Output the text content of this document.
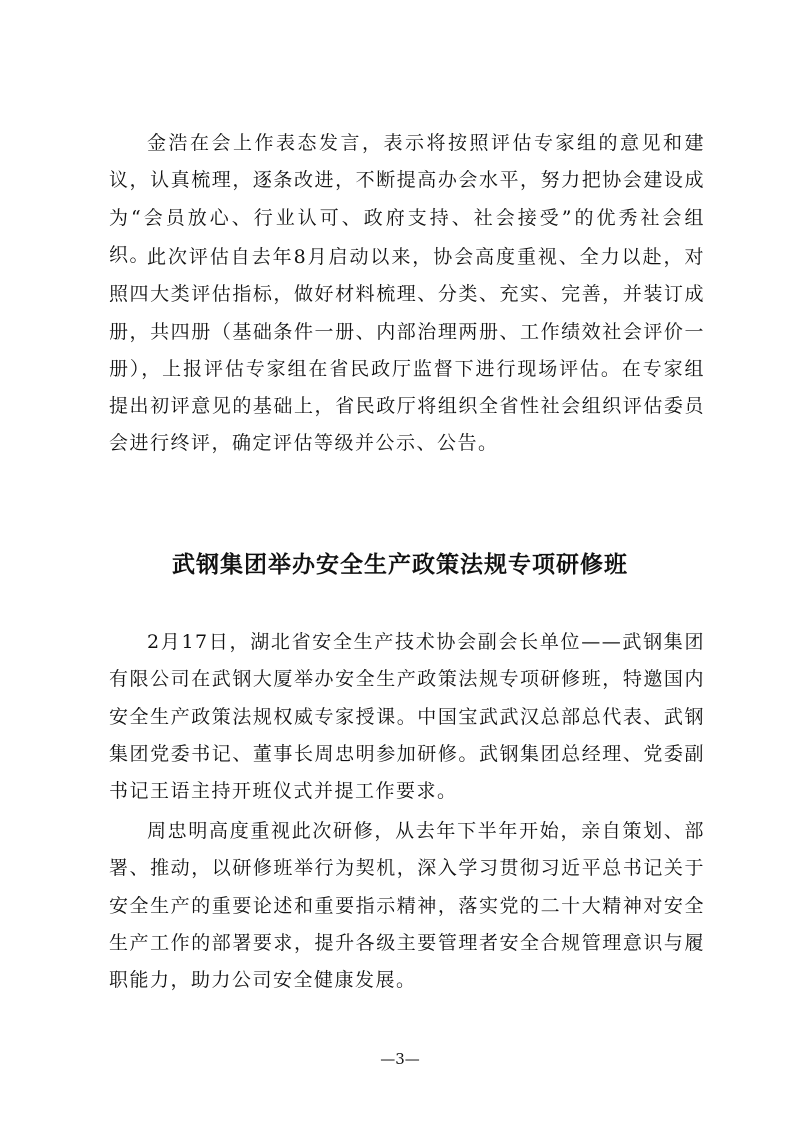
金浩在会上作表态发言，表示将按照评估专家组的意见和建议，认真梳理，逐条改进，不断提高办会水平，努力把协会建设成为“会员放心、行业认可、政府支持、社会接受”的优秀社会组织。

此次评估自去年8月启动以来，协会高度重视、全力以赴，对照四大类评估指标，做好材料梳理、分类、充实、完善，并装订成册，共四册（基础条件一册、内部治理两册、工作绩效社会评价一册），上报评估专家组在省民政厅监督下进行现场评估。在专家组提出初评意见的基础上，省民政厅将组织全省性社会组织评估委员会进行终评，确定评估等级并公示、公告。

武钢集团举办安全生产政策法规专项研修班

2月17日，湖北省安全生产技术协会副会长单位——武钢集团有限公司在武钢大厦举办安全生产政策法规专项研修班，特邀国内安全生产政策法规权威专家授课。中国宝武武汉总部总代表、武钢集团党委书记、董事长周忠明参加研修。武钢集团总经理、党委副书记王语主持开班仪式并提工作要求。

周忠明高度重视此次研修，从去年下半年开始，亲自策划、部署、推动，以研修班举行为契机，深入学习贯彻习近平总书记关于安全生产的重要论述和重要指示精神，落实党的二十大精神对安全生产工作的部署要求，提升各级主要管理者安全合规管理意识与履职能力，助力公司安全健康发展。

—3—
